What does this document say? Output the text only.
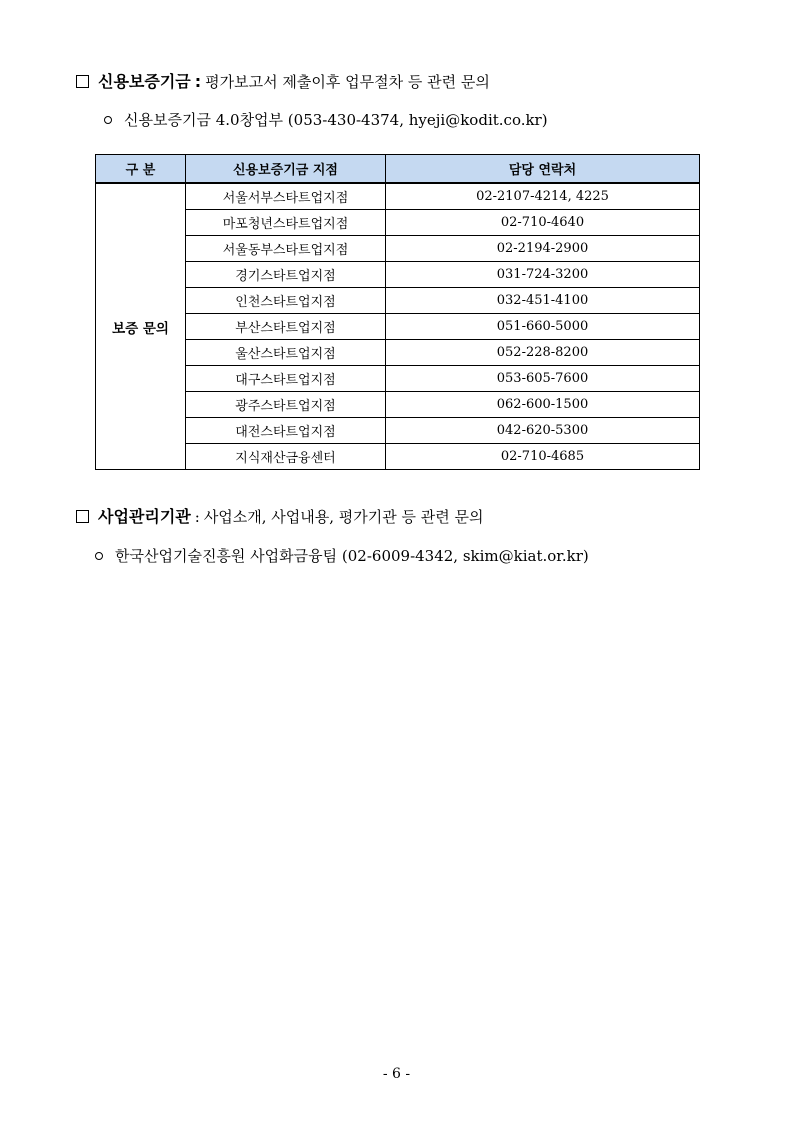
신용보증기금 : 평가보고서 제출이후 업무절차 등 관련 문의
신용보증기금 4.0창업부 (053-430-4374, hyeji@kodit.co.kr)
구 분	신용보증기금 지점	담당 연락처
보증 문의	서울서부스타트업지점	02-2107-4214, 4225
	마포청년스타트업지점	02-710-4640
	서울동부스타트업지점	02-2194-2900
	경기스타트업지점	031-724-3200
	인천스타트업지점	032-451-4100
	부산스타트업지점	051-660-5000
	울산스타트업지점	052-228-8200
	대구스타트업지점	053-605-7600
	광주스타트업지점	062-600-1500
	대전스타트업지점	042-620-5300
	지식재산금융센터	02-710-4685
사업관리기관 : 사업소개, 사업내용, 평가기관 등 관련 문의
한국산업기술진흥원 사업화금융팀 (02-6009-4342, skim@kiat.or.kr)
- 6 -
